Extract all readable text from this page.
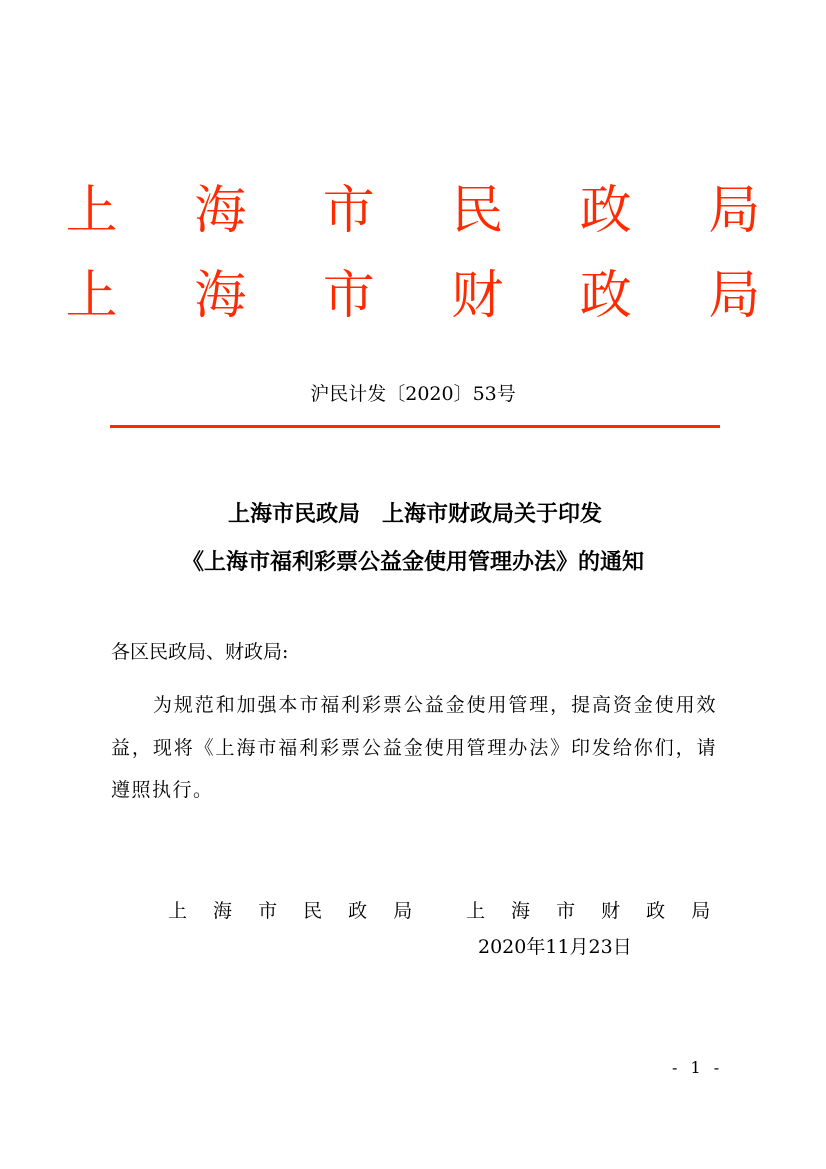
上 海 市 民 政 局
上 海 市 财 政 局
沪民计发〔2020〕53号
上海市民政局　上海市财政局关于印发
《上海市福利彩票公益金使用管理办法》的通知
各区民政局、财政局:
为规范和加强本市福利彩票公益金使用管理，提高资金使用效益，现将《上海市福利彩票公益金使用管理办法》印发给你们，请遵照执行。
上 海 市 民 政 局 上 海 市 财 政 局
2020年11月23日
- 1 -
